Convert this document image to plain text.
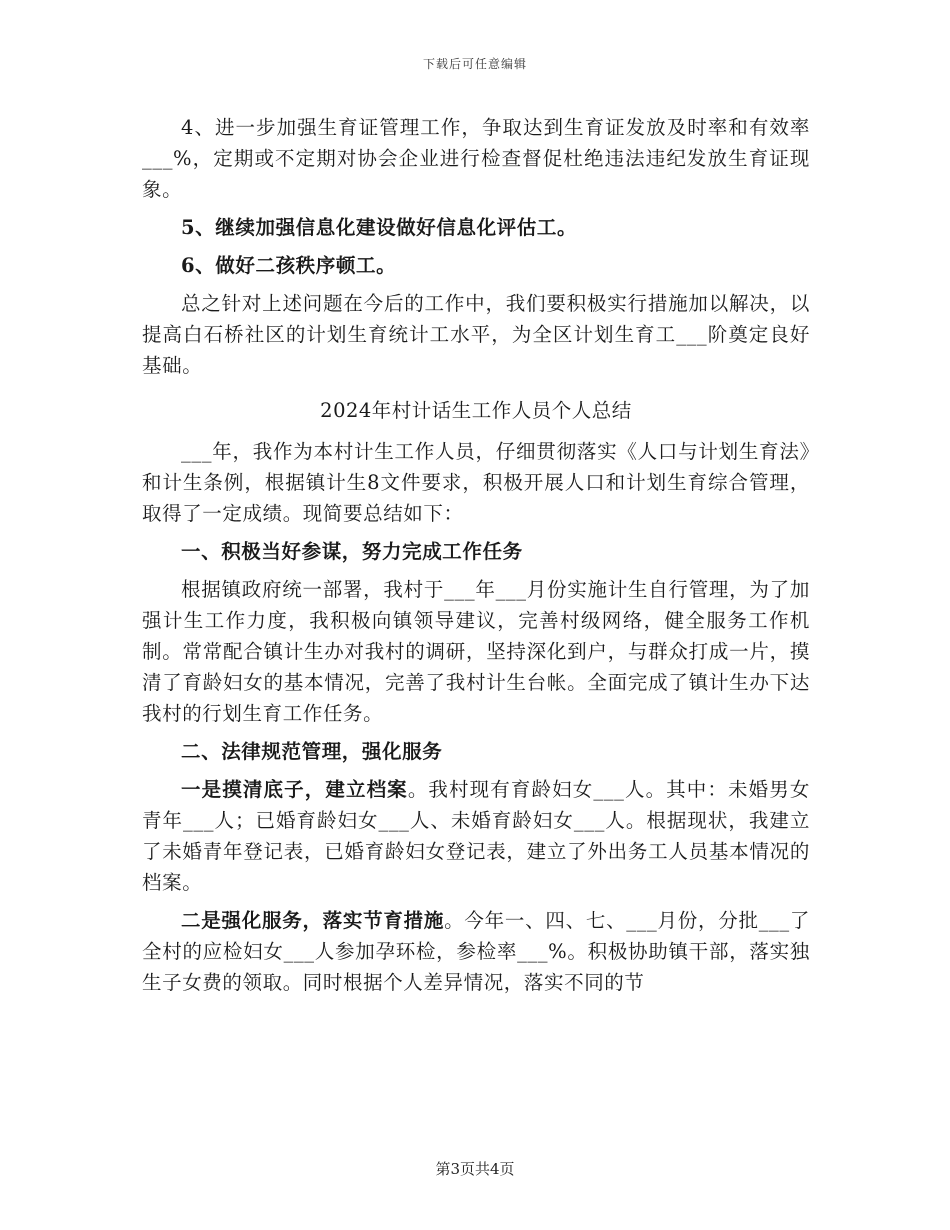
下载后可任意编辑

4、进一步加强生育证管理工作，争取达到生育证发放及时率和有效率___%，定期或不定期对协会企业进行检查督促杜绝违法违纪发放生育证现象。

5、继续加强信息化建设做好信息化评估工。

6、做好二孩秩序顿工。

总之针对上述问题在今后的工作中，我们要积极实行措施加以解决，以提高白石桥社区的计划生育统计工水平，为全区计划生育工___阶奠定良好基础。

2024年村计话生工作人员个人总结

___年，我作为本村计生工作人员，仔细贯彻落实《人口与计划生育法》和计生条例，根据镇计生8文件要求，积极开展人口和计划生育综合管理，取得了一定成绩。现简要总结如下：

一、积极当好参谋，努力完成工作任务

根据镇政府统一部署，我村于___年___月份实施计生自行管理，为了加强计生工作力度，我积极向镇领导建议，完善村级网络，健全服务工作机制。常常配合镇计生办对我村的调研，坚持深化到户，与群众打成一片，摸清了育龄妇女的基本情况，完善了我村计生台帐。全面完成了镇计生办下达我村的行划生育工作任务。

二、法律规范管理，强化服务

一是摸清底子，建立档案。我村现有育龄妇女___人。其中：未婚男女青年___人；已婚育龄妇女___人、未婚育龄妇女___人。根据现状，我建立了未婚青年登记表，已婚育龄妇女登记表，建立了外出务工人员基本情况的档案。

二是强化服务，落实节育措施。今年一、四、七、___月份，分批___了全村的应检妇女___人参加孕环检，参检率___%。积极协助镇干部，落实独生子女费的领取。同时根据个人差异情况，落实不同的节

第3页共4页
